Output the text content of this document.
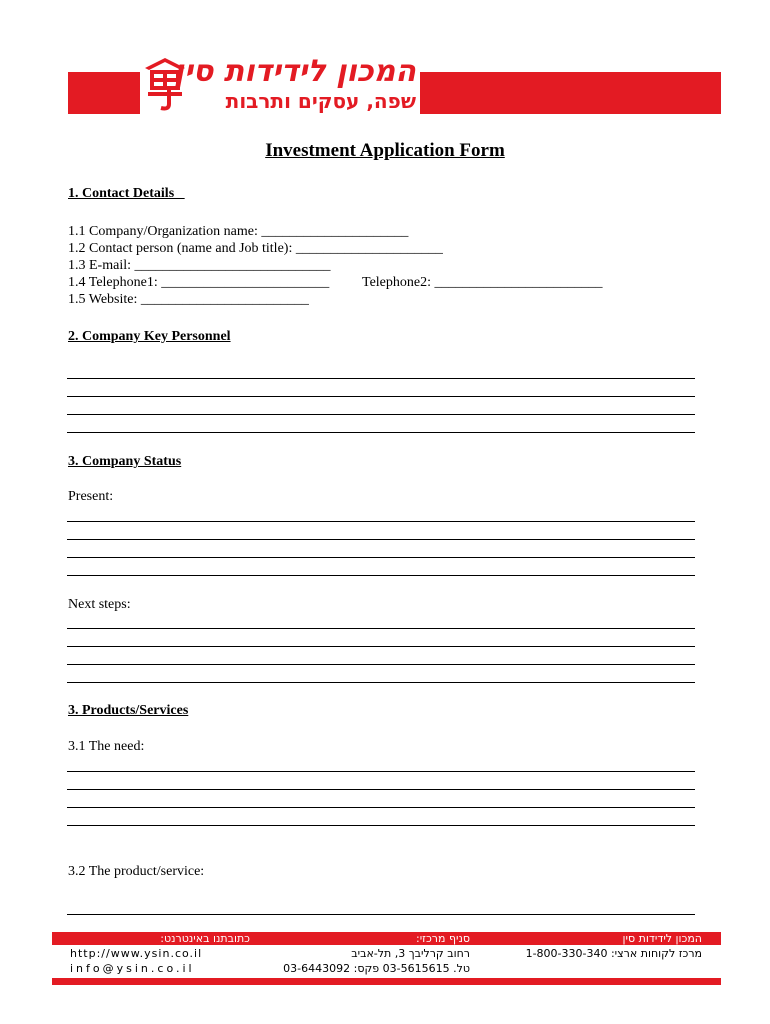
המכון לידידות סין
שפה, עסקים ותרבות
Investment Application Form
1. Contact Details
1.1 Company/Organization name: _____________________
1.2 Contact person (name and Job title): _____________________
1.3 E-mail: ____________________________
1.4 Telephone1: ________________________ Telephone2: ________________________
1.5 Website: ________________________
2. Company Key Personnel
3. Company Status
Present:
Next steps:
3. Products/Services
3.1 The need:
3.2 The product/service:
כתובתנו באינטרנט:	סניף מרכזי:	המכון לידידות סין
http://www.ysin.co.il
info@ysin.co.il
רחוב קרליבך 3, תל-אביב
טל. 03-5615615 פקס: 03-6443092
מרכז לקוחות ארצי: 1-800-330-340
